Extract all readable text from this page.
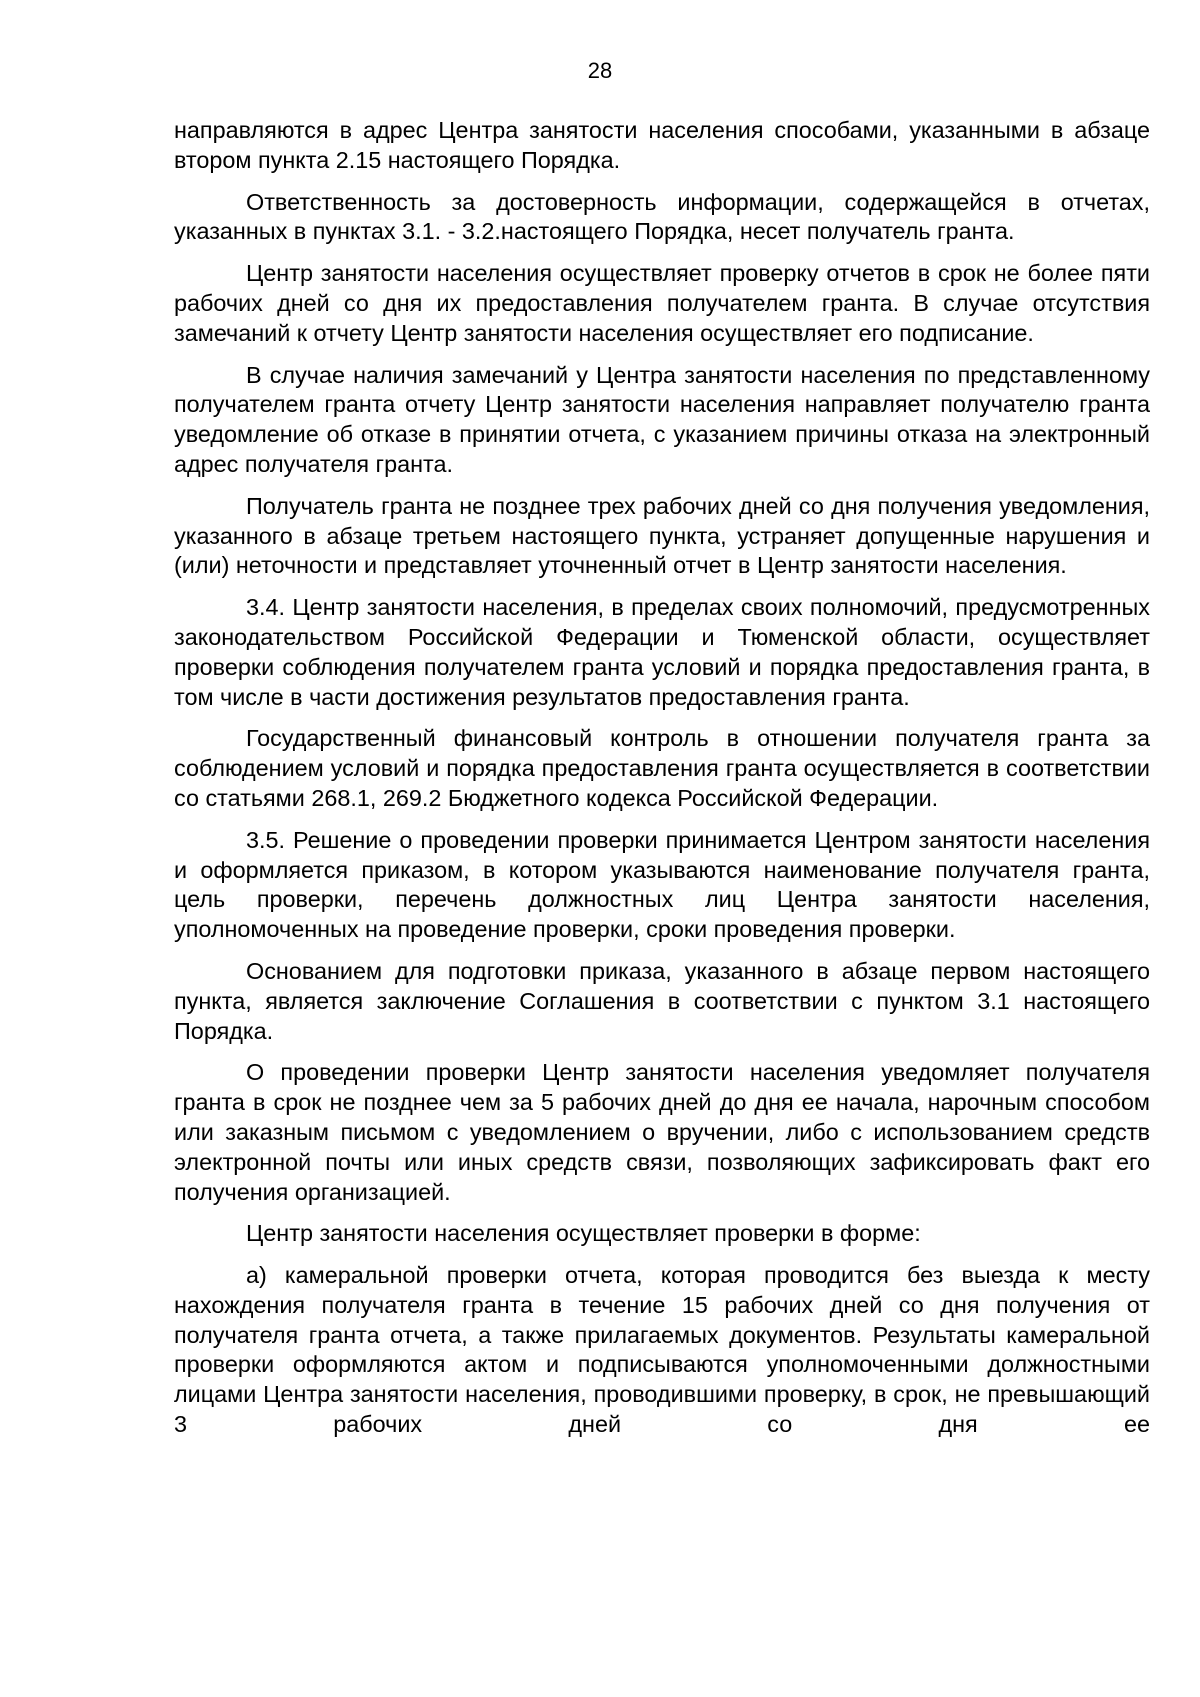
28

направляются в адрес Центра занятости населения способами, указанными в абзаце втором пункта 2.15 настоящего Порядка.

Ответственность за достоверность информации, содержащейся в отчетах, указанных в пунктах 3.1. - 3.2.настоящего Порядка, несет получатель гранта.

Центр занятости населения осуществляет проверку отчетов в срок не более пяти рабочих дней со дня их предоставления получателем гранта. В случае отсутствия замечаний к отчету Центр занятости населения осуществляет его подписание.

В случае наличия замечаний у Центра занятости населения по представленному получателем гранта отчету Центр занятости населения направляет получателю гранта уведомление об отказе в принятии отчета, с указанием причины отказа на электронный адрес получателя гранта.

Получатель гранта не позднее трех рабочих дней со дня получения уведомления, указанного в абзаце третьем настоящего пункта, устраняет допущенные нарушения и (или) неточности и представляет уточненный отчет в Центр занятости населения.

3.4. Центр занятости населения, в пределах своих полномочий, предусмотренных законодательством Российской Федерации и Тюменской области, осуществляет проверки соблюдения получателем гранта условий и порядка предоставления гранта, в том числе в части достижения результатов предоставления гранта.

Государственный финансовый контроль в отношении получателя гранта за соблюдением условий и порядка предоставления гранта осуществляется в соответствии со статьями 268.1, 269.2 Бюджетного кодекса Российской Федерации.

3.5. Решение о проведении проверки принимается Центром занятости населения и оформляется приказом, в котором указываются наименование получателя гранта, цель проверки, перечень должностных лиц Центра занятости населения, уполномоченных на проведение проверки, сроки проведения проверки.

Основанием для подготовки приказа, указанного в абзаце первом настоящего пункта, является заключение Соглашения в соответствии с пунктом 3.1 настоящего Порядка.

О проведении проверки Центр занятости населения уведомляет получателя гранта в срок не позднее чем за 5 рабочих дней до дня ее начала, нарочным способом или заказным письмом с уведомлением о вручении, либо с использованием средств электронной почты или иных средств связи, позволяющих зафиксировать факт его получения организацией.

Центр занятости населения осуществляет проверки в форме:

а) камеральной проверки отчета, которая проводится без выезда к месту нахождения получателя гранта в течение 15 рабочих дней со дня получения от получателя гранта отчета, а также прилагаемых документов. Результаты камеральной проверки оформляются актом и подписываются уполномоченными должностными лицами Центра занятости населения, проводившими проверку, в срок, не превышающий 3 рабочих дней со дня ее
